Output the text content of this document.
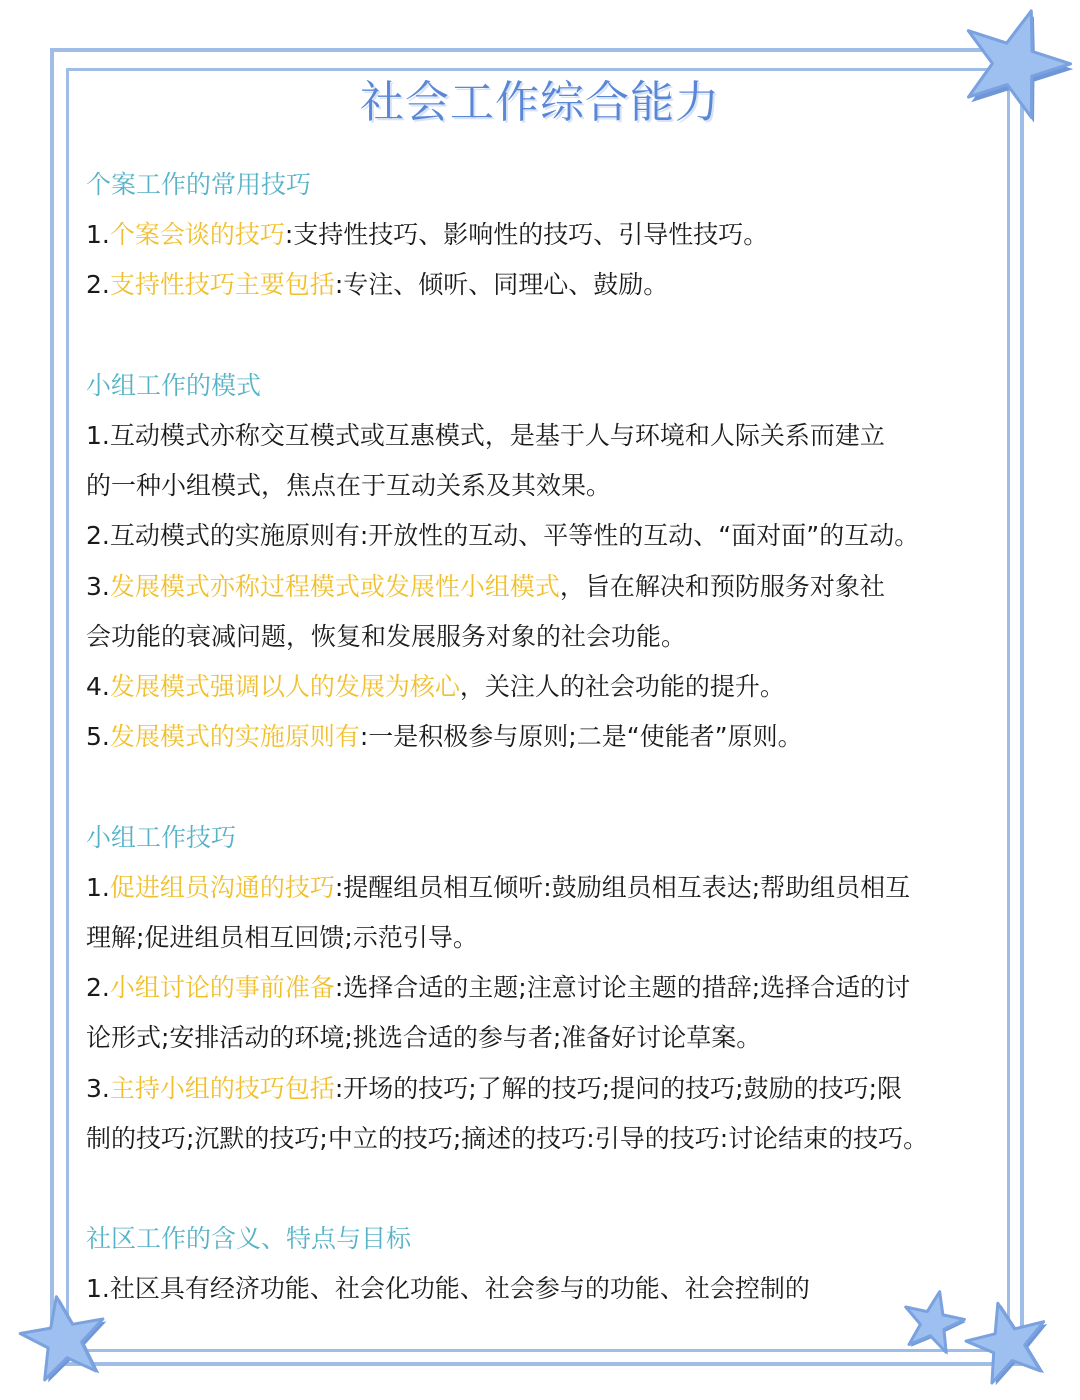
社会工作综合能力
个案工作的常用技巧
1.个案会谈的技巧:支持性技巧、影响性的技巧、引导性技巧。
2.支持性技巧主要包括:专注、倾听、同理心、鼓励。
小组工作的模式
1.互动模式亦称交互模式或互惠模式，是基于人与环境和人际关系而建立
的一种小组模式，焦点在于互动关系及其效果。
2.互动模式的实施原则有:开放性的互动、平等性的互动、“面对面”的互动。
3.发展模式亦称过程模式或发展性小组模式，旨在解决和预防服务对象社
会功能的衰减问题，恢复和发展服务对象的社会功能。
4.发展模式强调以人的发展为核心，关注人的社会功能的提升。
5.发展模式的实施原则有:一是积极参与原则;二是“使能者”原则。
小组工作技巧
1.促进组员沟通的技巧:提醒组员相互倾听:鼓励组员相互表达;帮助组员相互
理解;促进组员相互回馈;示范引导。
2.小组讨论的事前准备:选择合适的主题;注意讨论主题的措辞;选择合适的讨
论形式;安排活动的环境;挑选合适的参与者;准备好讨论草案。
3.主持小组的技巧包括:开场的技巧;了解的技巧;提问的技巧;鼓励的技巧;限
制的技巧;沉默的技巧;中立的技巧;摘述的技巧:引导的技巧:讨论结束的技巧。
社区工作的含义、特点与目标
1.社区具有经济功能、社会化功能、社会参与的功能、社会控制的
